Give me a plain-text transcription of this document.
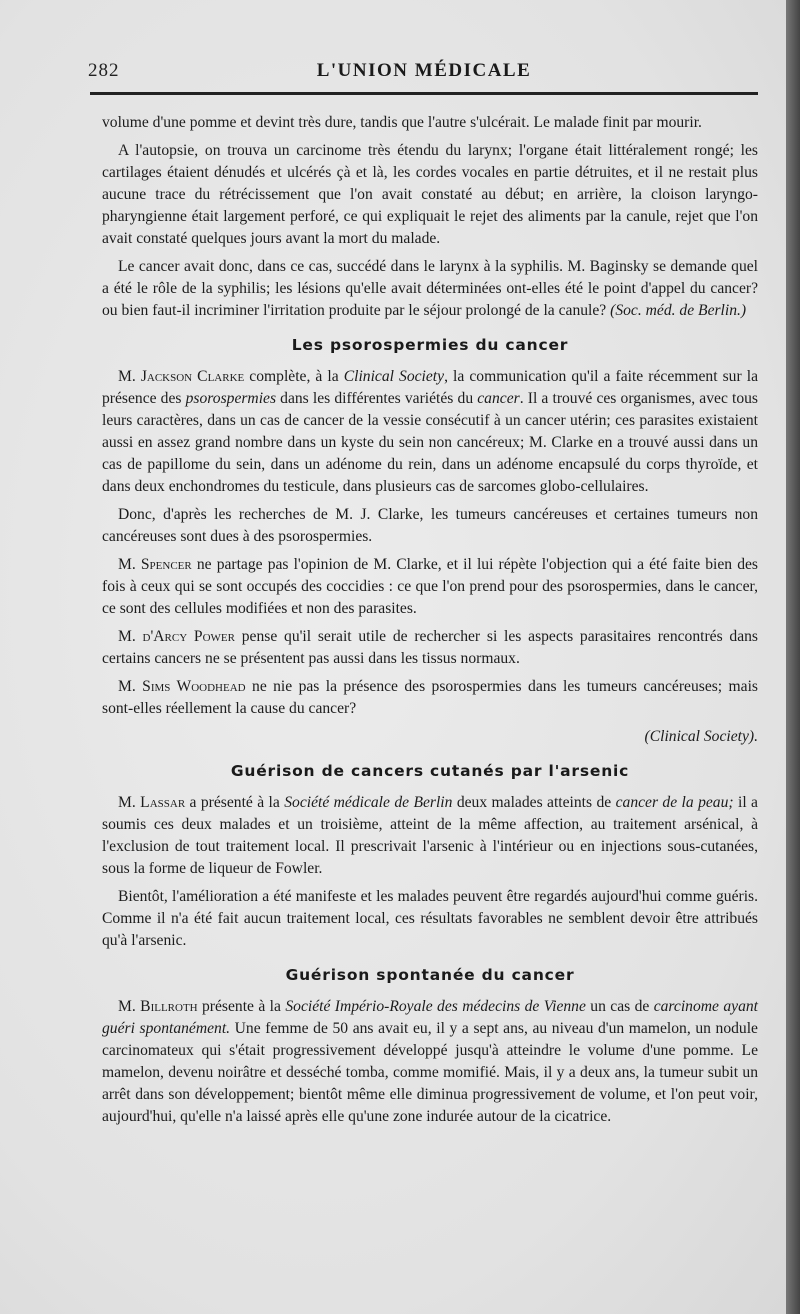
282	L'UNION MÉDICALE

volume d'une pomme et devint très dure, tandis que l'autre s'ulcérait. Le malade finit par mourir.

A l'autopsie, on trouva un carcinome très étendu du larynx; l'organe était littéralement rongé; les cartilages étaient dénudés et ulcérés çà et là, les cordes vocales en partie détruites, et il ne restait plus aucune trace du rétrécissement que l'on avait constaté au début; en arrière, la cloison laryngo-pharyngienne était largement perforé, ce qui expliquait le rejet des aliments par la canule, rejet que l'on avait constaté quelques jours avant la mort du malade.

Le cancer avait donc, dans ce cas, succédé dans le larynx à la syphilis. M. Baginsky se demande quel a été le rôle de la syphilis; les lésions qu'elle avait déterminées ont-elles été le point d'appel du cancer? ou bien faut-il incriminer l'irritation produite par le séjour prolongé de la canule? (Soc. méd. de Berlin.)

Les psorospermies du cancer

M. Jackson Clarke complète, à la Clinical Society, la communication qu'il a faite récemment sur la présence des psorospermies dans les différentes variétés du cancer. Il a trouvé ces organismes, avec tous leurs caractères, dans un cas de cancer de la vessie consécutif à un cancer utérin; ces parasites existaient aussi en assez grand nombre dans un kyste du sein non cancéreux; M. Clarke en a trouvé aussi dans un cas de papillome du sein, dans un adénome du rein, dans un adénome encapsulé du corps thyroïde, et dans deux enchondromes du testicule, dans plusieurs cas de sarcomes globo-cellulaires.

Donc, d'après les recherches de M. J. Clarke, les tumeurs cancéreuses et certaines tumeurs non cancéreuses sont dues à des psorospermies.

M. Spencer ne partage pas l'opinion de M. Clarke, et il lui répète l'objection qui a été faite bien des fois à ceux qui se sont occupés des coccidies : ce que l'on prend pour des psorospermies, dans le cancer, ce sont des cellules modifiées et non des parasites.

M. d'Arcy Power pense qu'il serait utile de rechercher si les aspects parasitaires rencontrés dans certains cancers ne se présentent pas aussi dans les tissus normaux.

M. Sims Woodhead ne nie pas la présence des psorospermies dans les tumeurs cancéreuses; mais sont-elles réellement la cause du cancer?

(Clinical Society).

Guérison de cancers cutanés par l'arsenic

M. Lassar a présenté à la Société médicale de Berlin deux malades atteints de cancer de la peau; il a soumis ces deux malades et un troisième, atteint de la même affection, au traitement arsénical, à l'exclusion de tout traitement local. Il prescrivait l'arsenic à l'intérieur ou en injections sous-cutanées, sous la forme de liqueur de Fowler.

Bientôt, l'amélioration a été manifeste et les malades peuvent être regardés aujourd'hui comme guéris. Comme il n'a été fait aucun traitement local, ces résultats favorables ne semblent devoir être attribués qu'à l'arsenic.

Guérison spontanée du cancer

M. Billroth présente à la Société Império-Royale des médecins de Vienne un cas de carcinome ayant guéri spontanément. Une femme de 50 ans avait eu, il y a sept ans, au niveau d'un mamelon, un nodule carcinomateux qui s'était progressivement développé jusqu'à atteindre le volume d'une pomme. Le mamelon, devenu noirâtre et desséché tomba, comme momifié. Mais, il y a deux ans, la tumeur subit un arrêt dans son développement; bientôt même elle diminua progressivement de volume, et l'on peut voir, aujourd'hui, qu'elle n'a laissé après elle qu'une zone indurée autour de la cicatrice.
